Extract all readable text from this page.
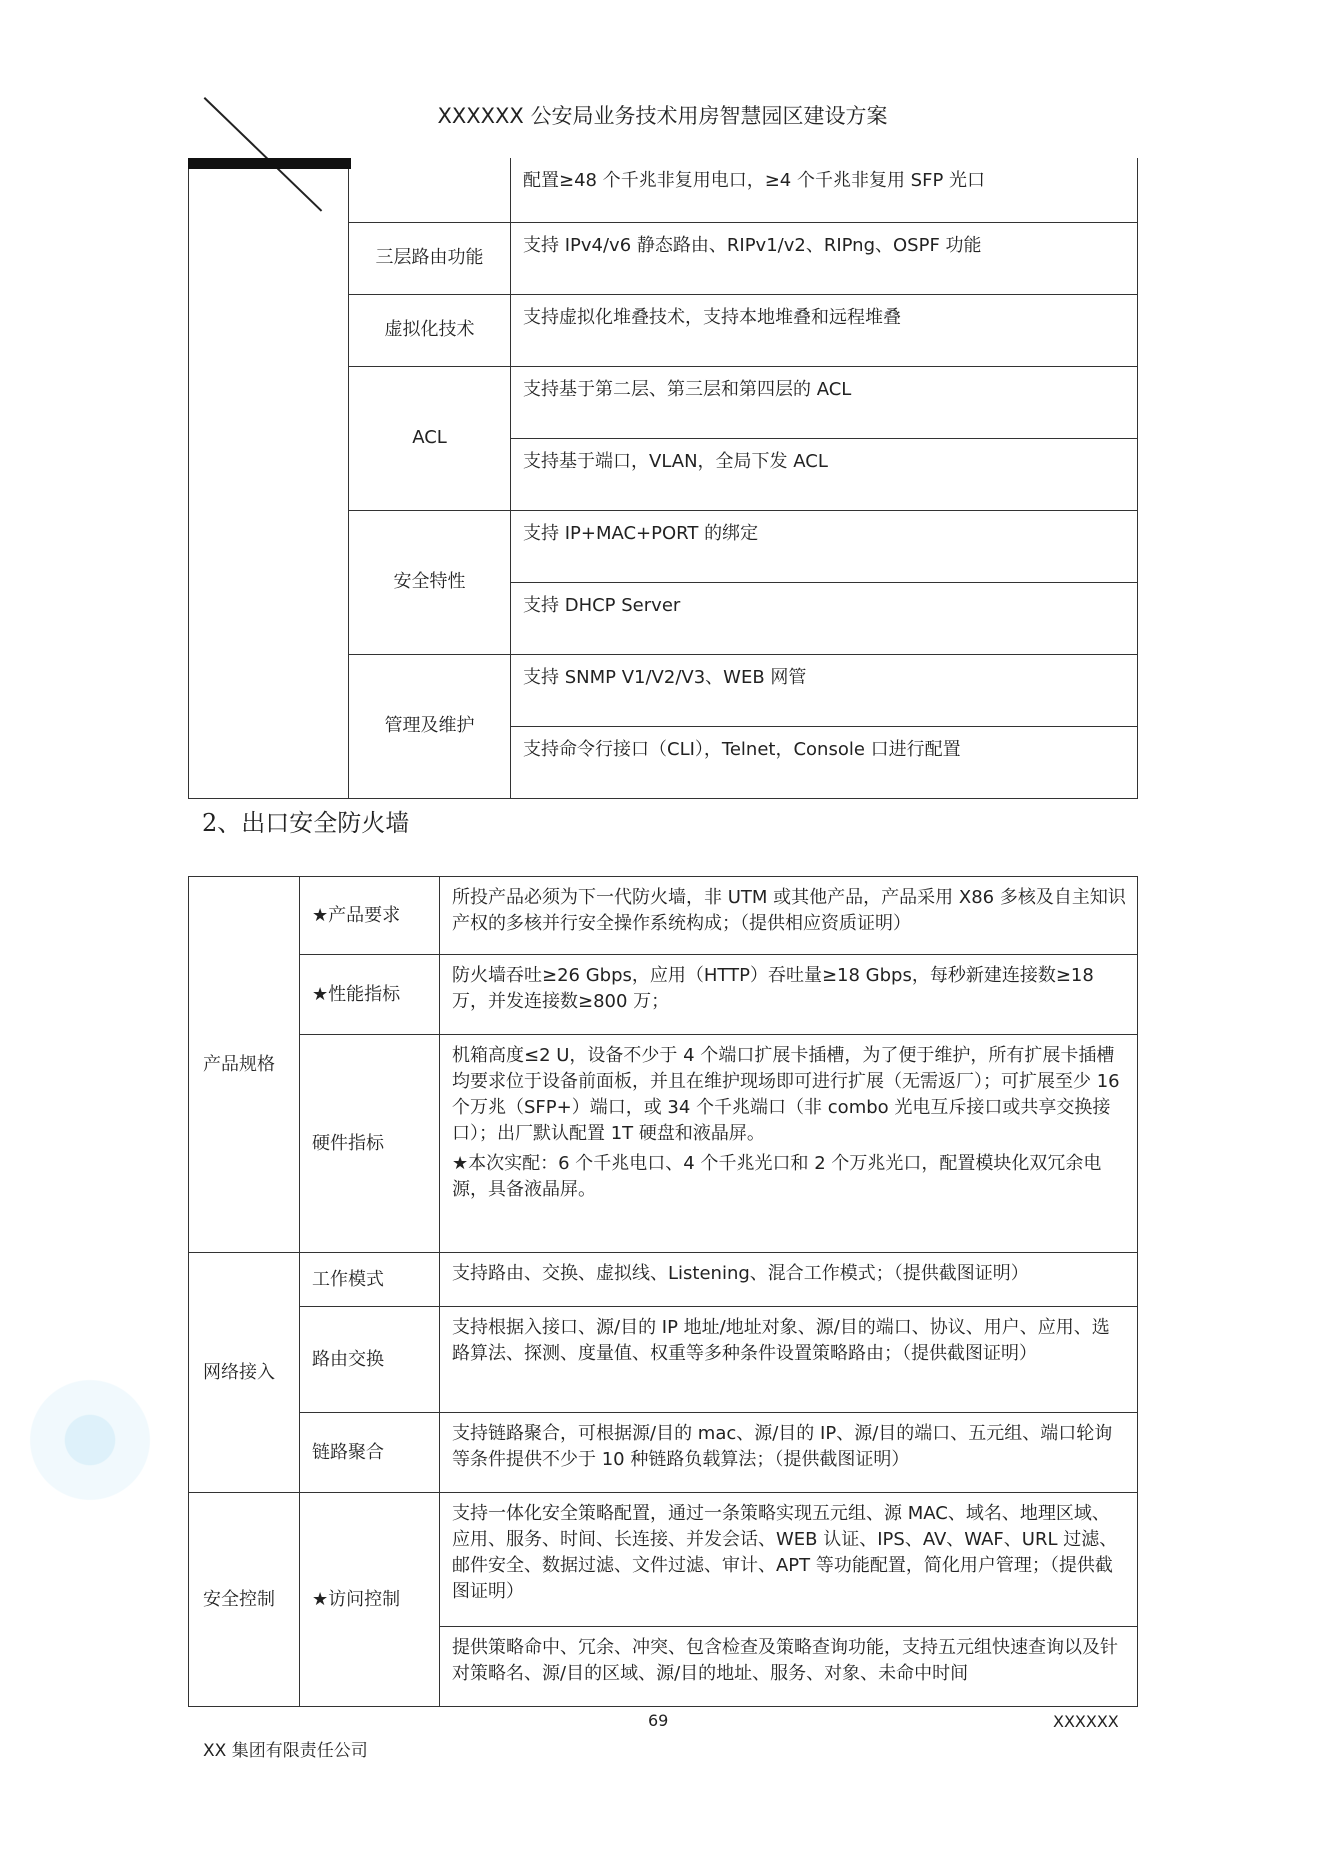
XXXXXX 公安局业务技术用房智慧园区建设方案
		配置≥48 个千兆非复用电口，≥4 个千兆非复用 SFP 光口
	三层路由功能	支持 IPv4/v6 静态路由、RIPv1/v2、RIPng、OSPF 功能
	虚拟化技术	支持虚拟化堆叠技术，支持本地堆叠和远程堆叠
	ACL	支持基于第二层、第三层和第四层的 ACL
		支持基于端口，VLAN，全局下发 ACL
	安全特性	支持 IP+MAC+PORT 的绑定
		支持 DHCP Server
	管理及维护	支持 SNMP V1/V2/V3、WEB 网管
		支持命令行接口（CLI），Telnet，Console 口进行配置
2、出口安全防火墙
产品规格	★产品要求	所投产品必须为下一代防火墙，非 UTM 或其他产品，产品采用 X86 多核及自主知识产权的多核并行安全操作系统构成；（提供相应资质证明）
	★性能指标	防火墙吞吐≥26 Gbps，应用（HTTP）吞吐量≥18 Gbps，每秒新建连接数≥18 万，并发连接数≥800 万；
	硬件指标	机箱高度≤2 U，设备不少于 4 个端口扩展卡插槽，为了便于维护，所有扩展卡插槽均要求位于设备前面板，并且在维护现场即可进行扩展（无需返厂）；可扩展至少 16 个万兆（SFP+）端口，或 34 个千兆端口（非 combo 光电互斥接口或共享交换接口）；出厂默认配置 1T 硬盘和液晶屏。
★本次实配：6 个千兆电口、4 个千兆光口和 2 个万兆光口，配置模块化双冗余电源，具备液晶屏。

网络接入	工作模式	支持路由、交换、虚拟线、Listening、混合工作模式；（提供截图证明）
	路由交换	支持根据入接口、源/目的 IP 地址/地址对象、源/目的端口、协议、用户、应用、选路算法、探测、度量值、权重等多种条件设置策略路由；（提供截图证明）
	链路聚合	支持链路聚合，可根据源/目的 mac、源/目的 IP、源/目的端口、五元组、端口轮询等条件提供不少于 10 种链路负载算法；（提供截图证明）
安全控制	★访问控制	支持一体化安全策略配置，通过一条策略实现五元组、源 MAC、域名、地理区域、应用、服务、时间、长连接、并发会话、WEB 认证、IPS、AV、WAF、URL 过滤、邮件安全、数据过滤、文件过滤、审计、APT 等功能配置，简化用户管理；（提供截图证明）
		提供策略命中、冗余、冲突、包含检查及策略查询功能，支持五元组快速查询以及针对策略名、源/目的区域、源/目的地址、服务、对象、未命中时间
69	XXXXXX
XX 集团有限责任公司
